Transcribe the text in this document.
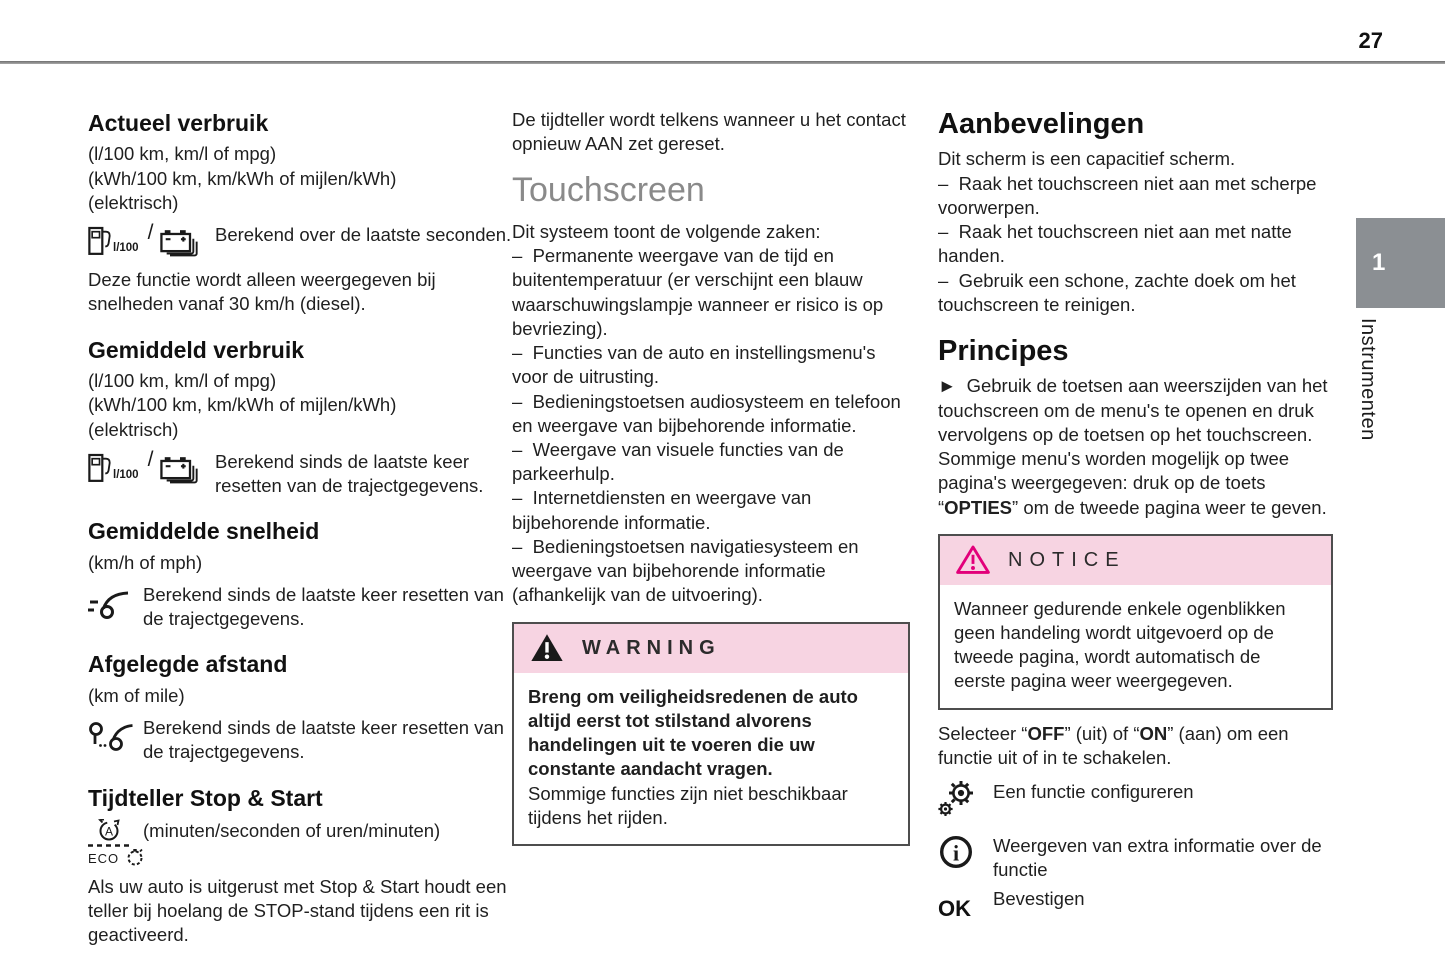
27
Actueel verbruik

(l/100 km, km/l of mpg)

(kWh/100 km, km/kWh of mijlen/kWh)

(elektrisch)

l/100
/	Berekend over de laatste seconden.

Deze functie wordt alleen weergegeven bij snelheden vanaf 30 km/h (diesel).

Gemiddeld verbruik

(l/100 km, km/l of mpg)

(kWh/100 km, km/kWh of mijlen/kWh)

(elektrisch)

l/100
/	Berekend sinds de laatste keer resetten van de trajectgegevens.
Gemiddelde snelheid

(km/h of mph)

Berekend sinds de laatste keer resetten van de trajectgegevens.
Afgelegde afstand

(km of mile)

Berekend sinds de laatste keer resetten van de trajectgegevens.
Tijdteller Stop & Start
A
ECO
(minuten/seconden of uren/minuten)

Als uw auto is uitgerust met Stop & Start houdt een teller bij hoelang de STOP-stand tijdens een rit is geactiveerd.

De tijdteller wordt telkens wanneer u het contact opnieuw AAN zet gereset.

Touchscreen

Dit systeem toont de volgende zaken:

–  Permanente weergave van de tijd en buitentemperatuur (er verschijnt een blauw waarschuwingslampje wanneer er risico is op bevriezing).

–  Functies van de auto en instellingsmenu's voor de uitrusting.

–  Bedieningstoetsen audiosysteem en telefoon en weergave van bijbehorende informatie.

–  Weergave van visuele functies van de parkeerhulp.

–  Internetdiensten en weergave van bijbehorende informatie.

–  Bedieningstoetsen navigatiesysteem en weergave van bijbehorende informatie (afhankelijk van de uitvoering).

WARNING

Breng om veiligheidsredenen de auto altijd eerst tot stilstand alvorens handelingen uit te voeren die uw constante aandacht vragen.

Sommige functies zijn niet beschikbaar tijdens het rijden.

Aanbevelingen

Dit scherm is een capacitief scherm.

–  Raak het touchscreen niet aan met scherpe voorwerpen.

–  Raak het touchscreen niet aan met natte handen.

–  Gebruik een schone, zachte doek om het touchscreen te reinigen.

Principes

►  Gebruik de toetsen aan weerszijden van het touchscreen om de menu's te openen en druk vervolgens op de toetsen op het touchscreen. Sommige menu's worden mogelijk op twee pagina's weergegeven: druk op de toets “OPTIES” om de tweede pagina weer te geven.

NOTICE

Wanneer gedurende enkele ogenblikken geen handeling wordt uitgevoerd op de tweede pagina, wordt automatisch de eerste pagina weer weergegeven.

Selecteer “OFF” (uit) of “ON” (aan) om een functie uit of in te schakelen.

Een functie configureren
i Weergeven van extra informatie over de functie
OK Bevestigen
1
Instrumenten
